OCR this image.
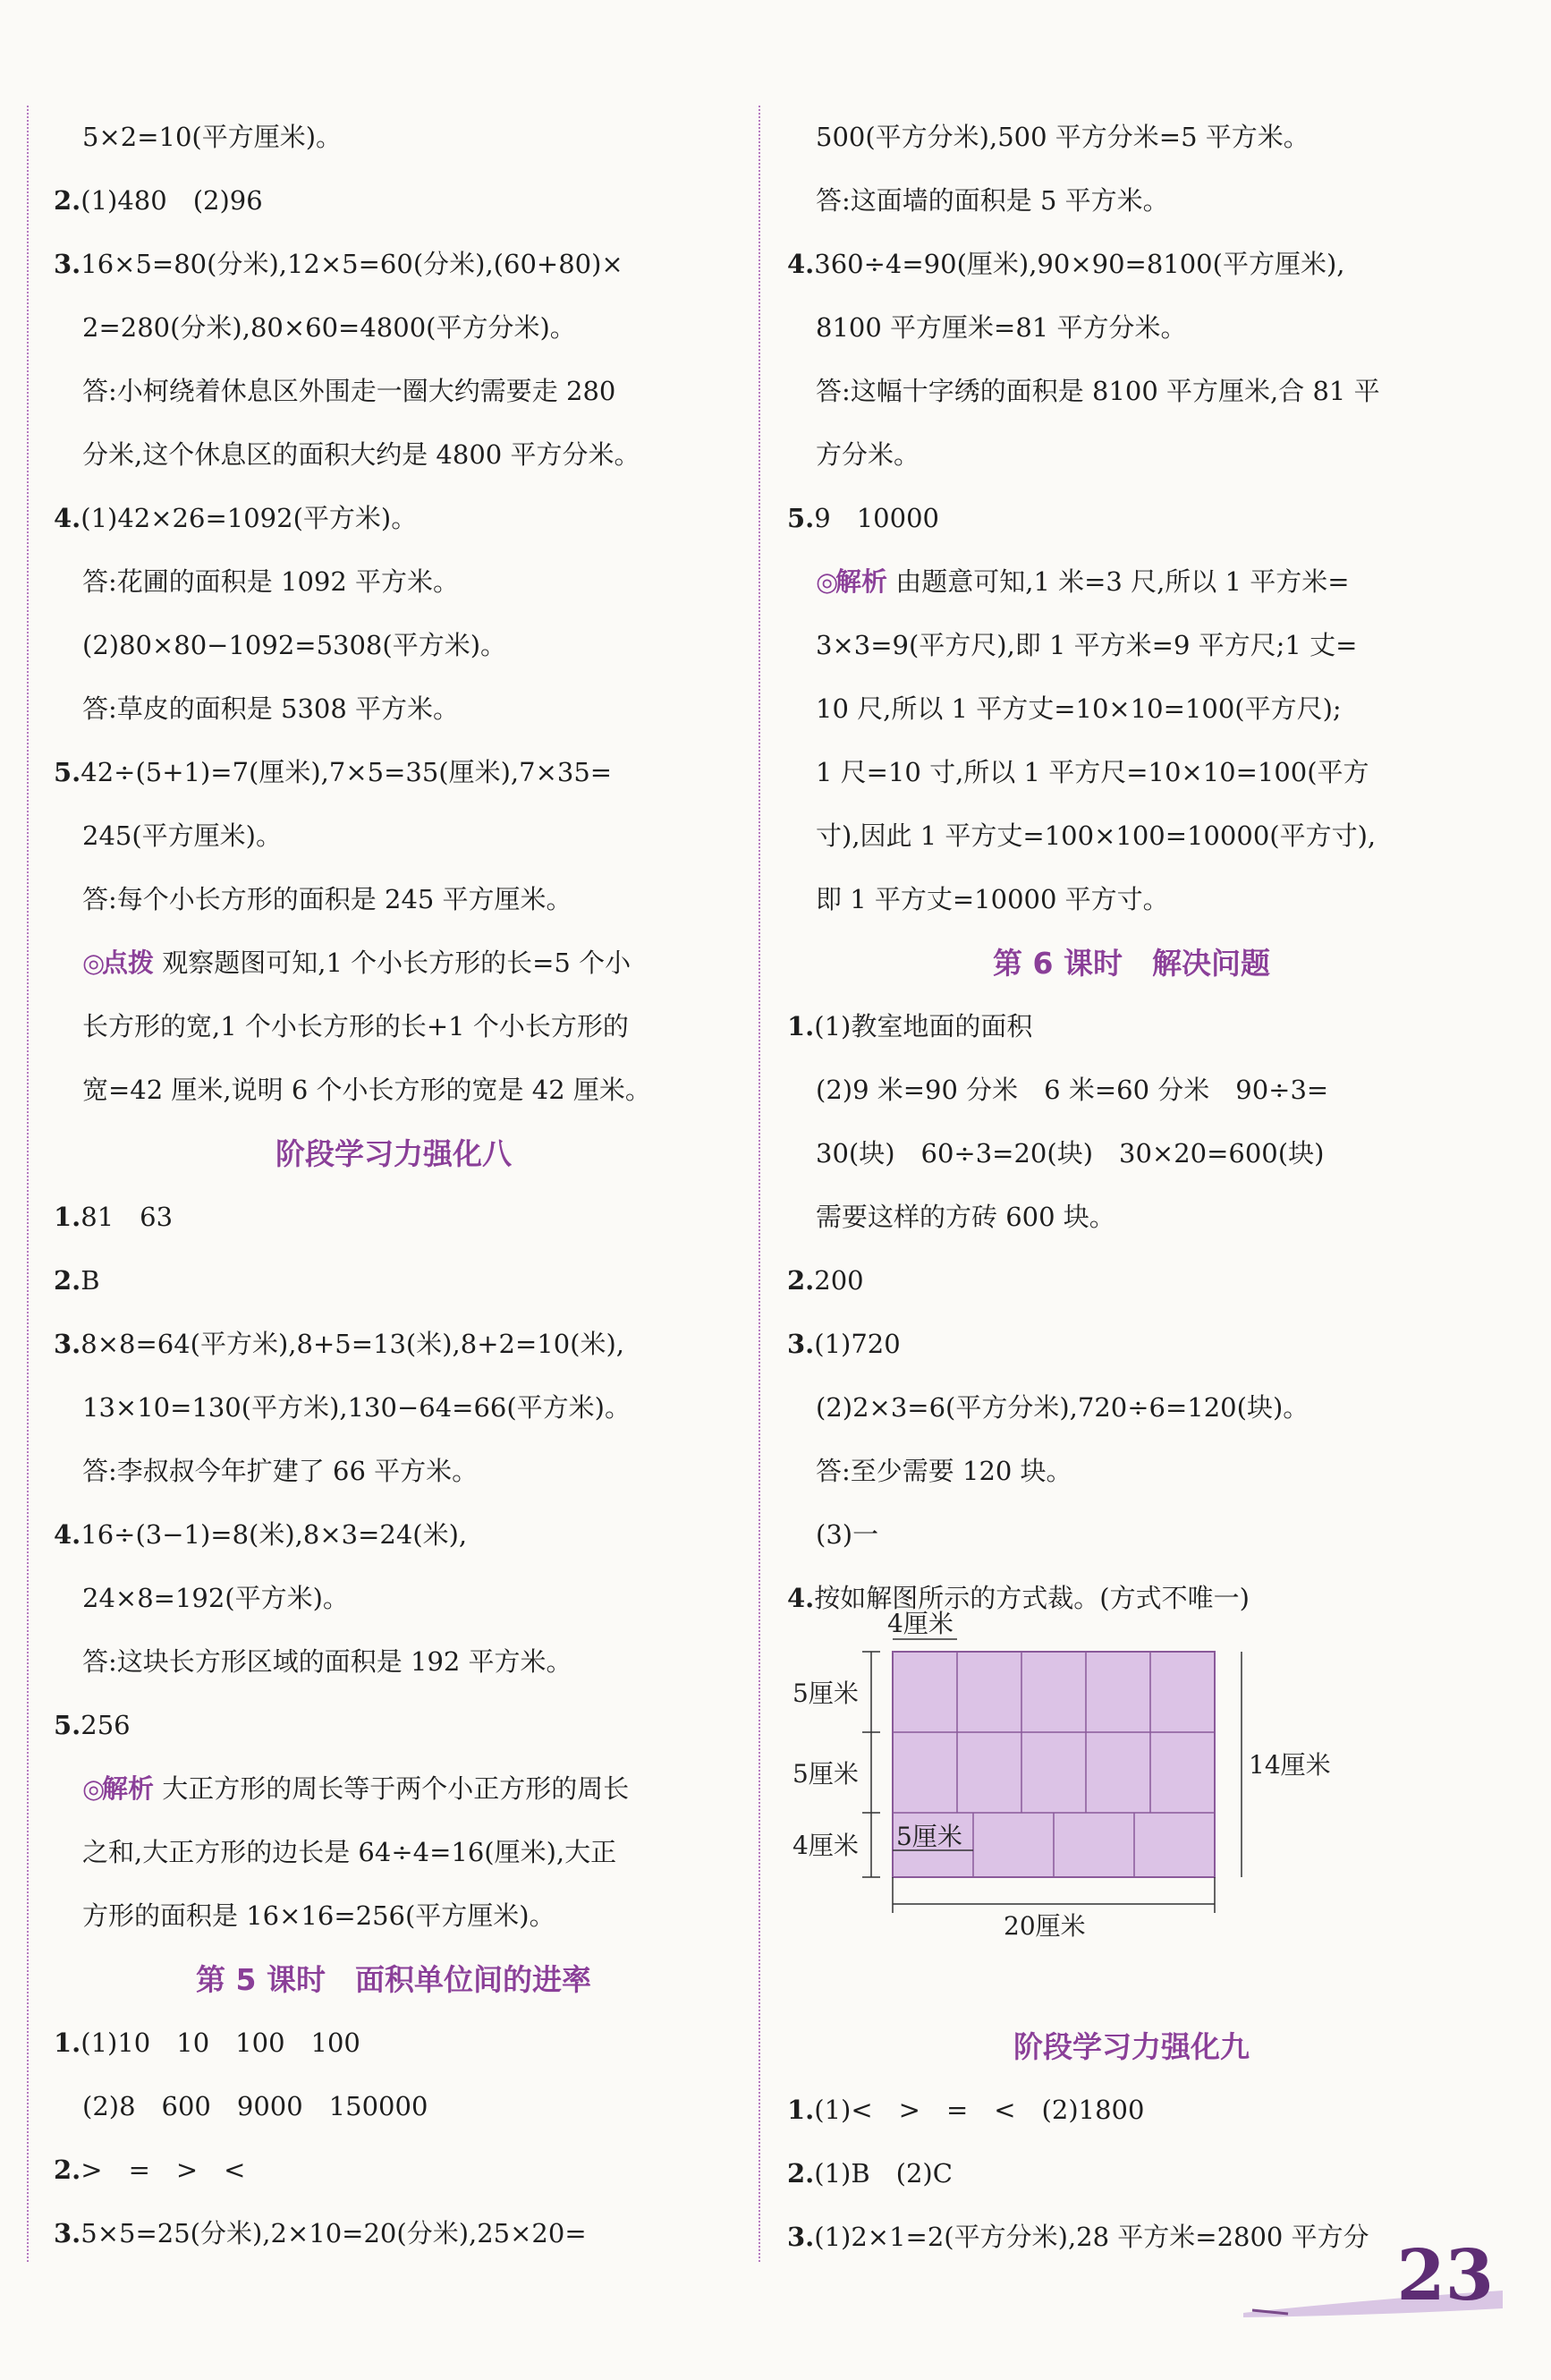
5×2=10(平方厘米)。
2.(1)480　(2)96
3.16×5=80(分米),12×5=60(分米),(60+80)×
2=280(分米),80×60=4800(平方分米)。
答:小柯绕着休息区外围走一圈大约需要走 280
分米,这个休息区的面积大约是 4800 平方分米。
4.(1)42×26=1092(平方米)。
答:花圃的面积是 1092 平方米。
(2)80×80−1092=5308(平方米)。
答:草皮的面积是 5308 平方米。
5.42÷(5+1)=7(厘米),7×5=35(厘米),7×35=
245(平方厘米)。
答:每个小长方形的面积是 245 平方厘米。
◎点拨 观察题图可知,1 个小长方形的长=5 个小
长方形的宽,1 个小长方形的长+1 个小长方形的
宽=42 厘米,说明 6 个小长方形的宽是 42 厘米。
阶段学习力强化八
1.81　63
2.B
3.8×8=64(平方米),8+5=13(米),8+2=10(米),
13×10=130(平方米),130−64=66(平方米)。
答:李叔叔今年扩建了 66 平方米。
4.16÷(3−1)=8(米),8×3=24(米),
24×8=192(平方米)。
答:这块长方形区域的面积是 192 平方米。
5.256
◎解析 大正方形的周长等于两个小正方形的周长
之和,大正方形的边长是 64÷4=16(厘米),大正
方形的面积是 16×16=256(平方厘米)。
第 5 课时　面积单位间的进率
1.(1)10　10　100　100
(2)8　600　9000　150000
2.>　=　>　<
3.5×5=25(分米),2×10=20(分米),25×20=
500(平方分米),500 平方分米=5 平方米。
答:这面墙的面积是 5 平方米。
4.360÷4=90(厘米),90×90=8100(平方厘米),
8100 平方厘米=81 平方分米。
答:这幅十字绣的面积是 8100 平方厘米,合 81 平
方分米。
5.9　10000
◎解析 由题意可知,1 米=3 尺,所以 1 平方米=
3×3=9(平方尺),即 1 平方米=9 平方尺;1 丈=
10 尺,所以 1 平方丈=10×10=100(平方尺);
1 尺=10 寸,所以 1 平方尺=10×10=100(平方
寸),因此 1 平方丈=100×100=10000(平方寸),
即 1 平方丈=10000 平方寸。
第 6 课时　解决问题
1.(1)教室地面的面积
(2)9 米=90 分米　6 米=60 分米　90÷3=
30(块)　60÷3=20(块)　30×20=600(块)
需要这样的方砖 600 块。
2.200
3.(1)720
(2)2×3=6(平方分米),720÷6=120(块)。
答:至少需要 120 块。
(3)一
4.按如解图所示的方式裁。(方式不唯一)
4厘米
5厘米
5厘米
4厘米 5厘米
14厘米
20厘米
阶段学习力强化九
1.(1)<　>　=　<　(2)1800
2.(1)B　(2)C
3.(1)2×1=2(平方分米),28 平方米=2800 平方分 23
